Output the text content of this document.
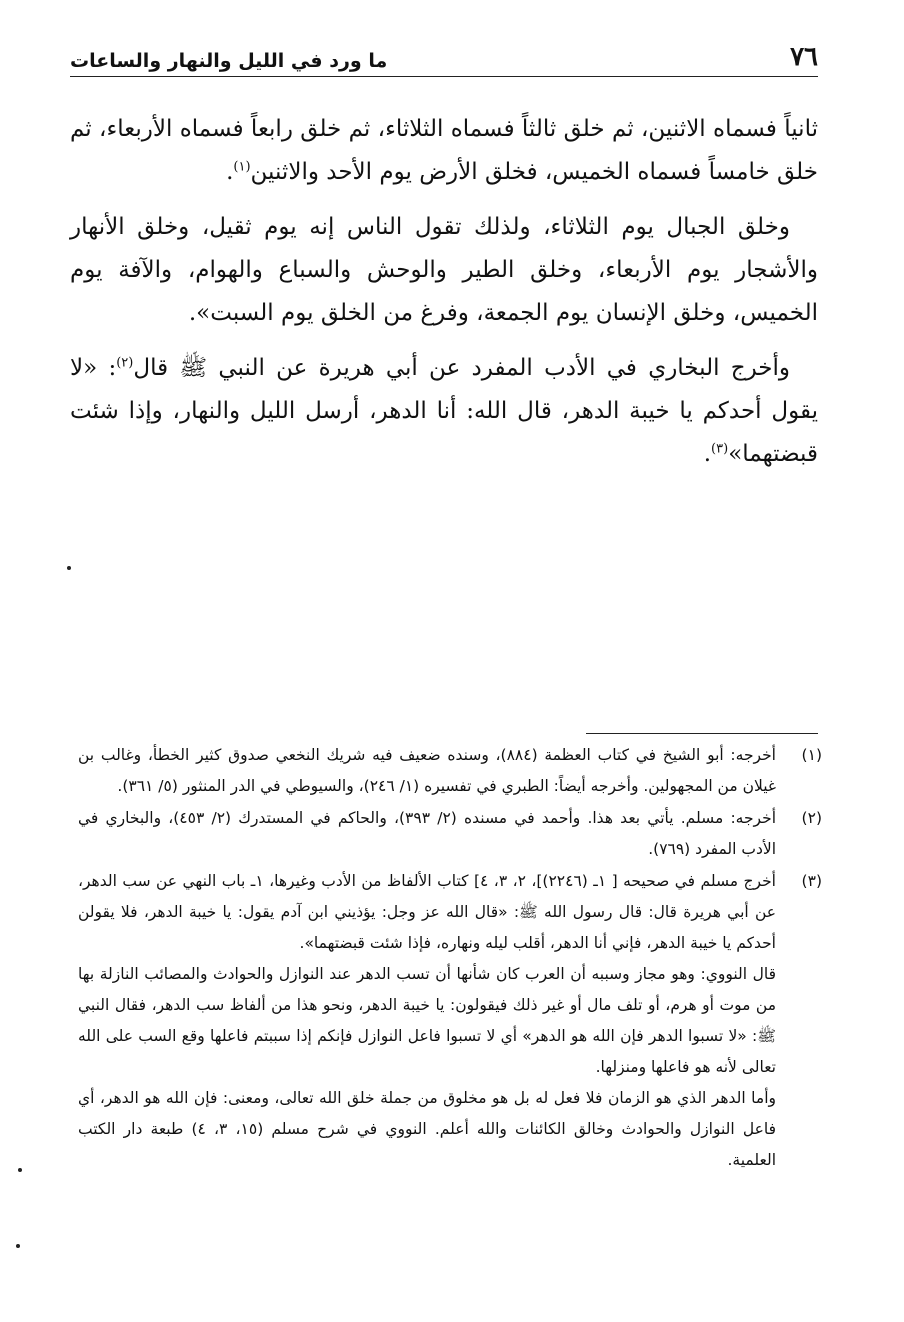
٧٦
ما ورد في الليل والنهار والساعات

ثانياً فسماه الاثنين، ثم خلق ثالثاً فسماه الثلاثاء، ثم خلق رابعاً فسماه الأربعاء، ثم خلق خامساً فسماه الخميس، فخلق الأرض يوم الأحد والاثنين$^{(١)}$.

وخلق الجبال يوم الثلاثاء، ولذلك تقول الناس إنه يوم ثقيل، وخلق الأنهار والأشجار يوم الأربعاء، وخلق الطير والوحش والسباع والهوام، والآفة يوم الخميس، وخلق الإنسان يوم الجمعة، وفرغ من الخلق يوم السبت».

وأخرج البخاري في الأدب المفرد عن أبي هريرة عن النبي ﷺ قال$^{(٢)}$: «لا يقول أحدكم يا خيبة الدهر، قال الله: أنا الدهر، أرسل الليل والنهار، وإذا شئت قبضتهما»$^{(٣)}$.

(١)

أخرجه: أبو الشيخ في كتاب العظمة (٨٨٤)، وسنده ضعيف فيه شريك النخعي صدوق كثير الخطأ، وغالب بن غيلان من المجهولين. وأخرجه أيضاً: الطبري في تفسيره (١/ ٢٤٦)، والسيوطي في الدر المنثور (٥/ ٣٦١).

(٢)

أخرجه: مسلم. يأتي بعد هذا. وأحمد في مسنده (٢/ ٣٩٣)، والحاكم في المستدرك (٢/ ٤٥٣)، والبخاري في الأدب المفرد (٧٦٩).

(٣)

أخرج مسلم في صحيحه [ ١ـ (٢٢٤٦)]، ٢، ٣، ٤] كتاب الألفاظ من الأدب وغيرها، ١ـ باب النهي عن سب الدهر، عن أبي هريرة قال: قال رسول الله ﷺ: «قال الله عز وجل: يؤذيني ابن آدم يقول: يا خيبة الدهر، فلا يقولن أحدكم يا خيبة الدهر، فإني أنا الدهر، أقلب ليله ونهاره، فإذا شئت قبضتهما».

قال النووي: وهو مجاز وسببه أن العرب كان شأنها أن تسب الدهر عند النوازل والحوادث والمصائب النازلة بها من موت أو هرم، أو تلف مال أو غير ذلك فيقولون: يا خيبة الدهر، ونحو هذا من ألفاظ سب الدهر، فقال النبي ﷺ: «لا تسبوا الدهر فإن الله هو الدهر» أي لا تسبوا فاعل النوازل فإنكم إذا سببتم فاعلها وقع السب على الله تعالى لأنه هو فاعلها ومنزلها.

وأما الدهر الذي هو الزمان فلا فعل له بل هو مخلوق من جملة خلق الله تعالى، ومعنى: فإن الله هو الدهر، أي فاعل النوازل والحوادث وخالق الكائنات والله أعلم. النووي في شرح مسلم (١٥، ٣، ٤) طبعة دار الكتب العلمية.
